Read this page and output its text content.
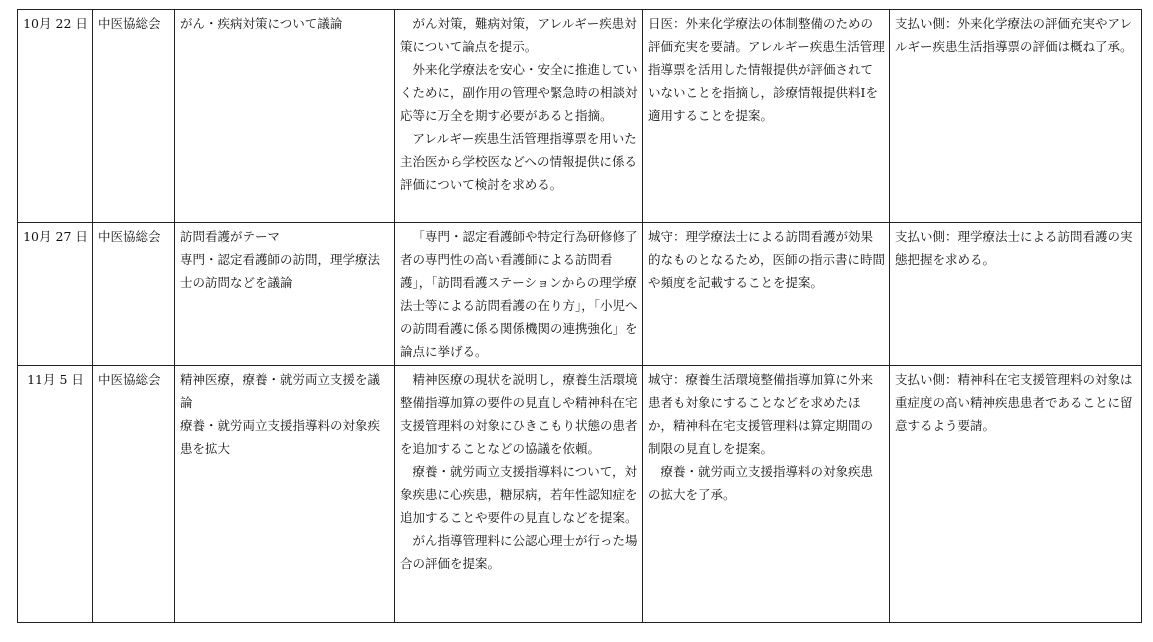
10月 22 日	中医協総会	がん・疾病対策について議論	がん対策，難病対策，アレルギー疾患対策について論点を提示。
外来化学療法を安心・安全に推進していくために，副作用の管理や緊急時の相談対応等に万全を期す必要があると指摘。
アレルギー疾患生活管理指導票を用いた主治医から学校医などへの情報提供に係る評価について検討を求める。	日医：外来化学療法の体制整備のための評価充実を要請。アレルギー疾患生活管理指導票を活用した情報提供が評価されていないことを指摘し，診療情報提供料Ⅰを適用することを提案。	支払い側：外来化学療法の評価充実やアレルギー疾患生活指導票の評価は概ね了承。

10月 27 日	中医協総会	訪問看護がテーマ
専門・認定看護師の訪問，理学療法士の訪問などを議論	「専門・認定看護師や特定行為研修修了者の専門性の高い看護師による訪問看護」，「訪問看護ステーションからの理学療法士等による訪問看護の在り方」，「小児への訪問看護に係る関係機関の連携強化」を論点に挙げる。	城守：理学療法士による訪問看護が効果的なものとなるため，医師の指示書に時間や頻度を記載することを提案。	支払い側：理学療法士による訪問看護の実態把握を求める。

11月 5 日	中医協総会	精神医療，療養・就労両立支援を議論
療養・就労両立支援指導料の対象疾患を拡大	精神医療の現状を説明し，療養生活環境整備指導加算の要件の見直しや精神科在宅支援管理料の対象にひきこもり状態の患者を追加することなどの協議を依頼。
療養・就労両立支援指導料について，対象疾患に心疾患，糖尿病，若年性認知症を追加することや要件の見直しなどを提案。
がん指導管理料に公認心理士が行った場合の評価を提案。	城守：療養生活環境整備指導加算に外来患者も対象にすることなどを求めたほか，精神科在宅支援管理料は算定期間の制限の見直しを提案。
療養・就労両立支援指導料の対象疾患の拡大を了承。	支払い側：精神科在宅支援管理料の対象は重症度の高い精神疾患患者であることに留意するよう要請。
